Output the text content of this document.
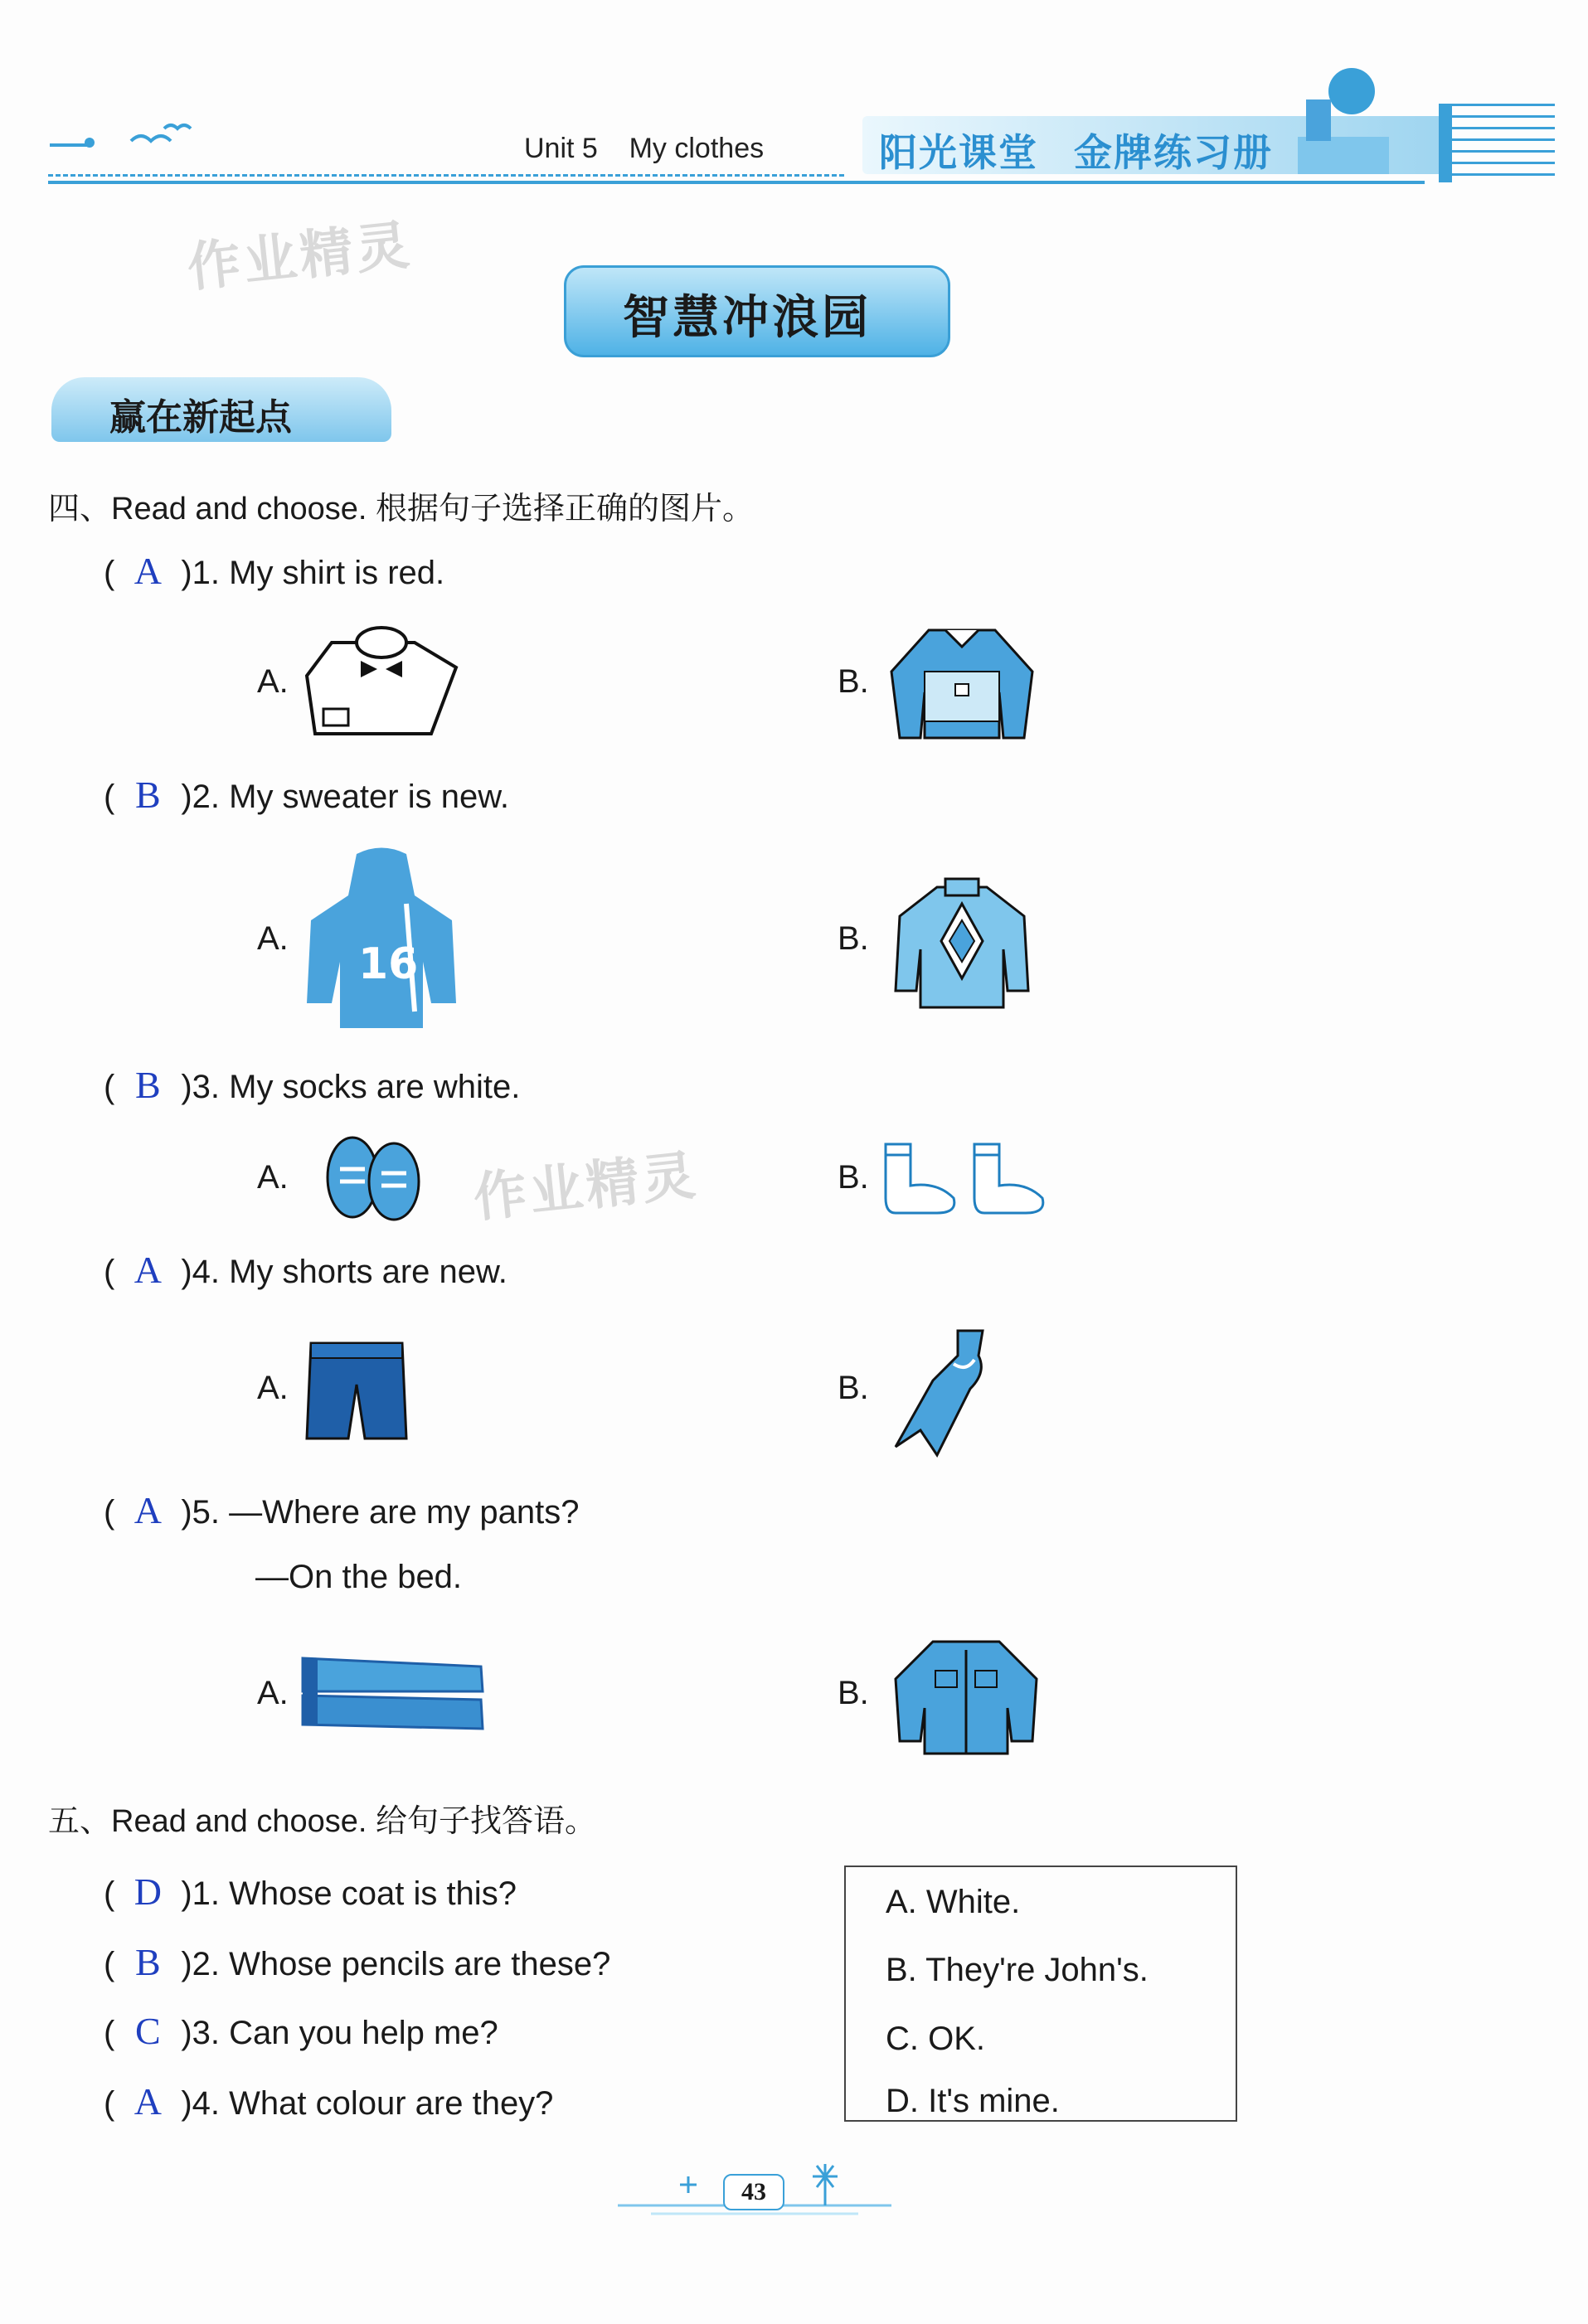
Unit 5    My clothes	阳光课堂 金牌练习册
作业精灵
智慧冲浪园
赢在新起点
四、Read and choose. 根据句子选择正确的图片。
( A )1. My shirt is red.
A.	B.
( B )2. My sweater is new.
A.	B.
16
( B )3. My socks are white.
A.	B.
作业精灵
( A )4. My shorts are new.
A.	B.
( A )5. —Where are my pants?
—On the bed.
A.	B.
五、Read and choose. 给句子找答语。
( D )1. Whose coat is this?
( B )2. Whose pencils are these?
( C )3. Can you help me?
( A )4. What colour are they?
A. White.
B. They're John's.
C. OK.
D. It's mine.
43
